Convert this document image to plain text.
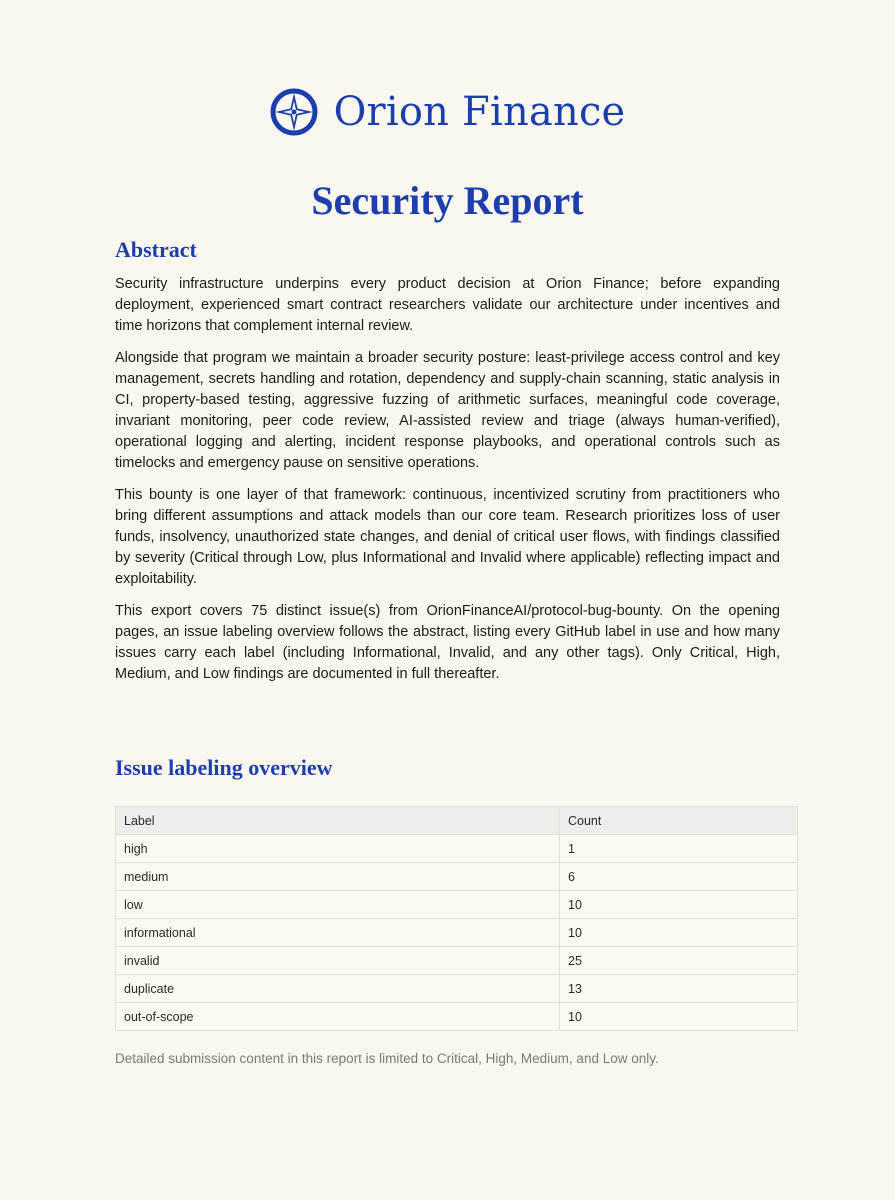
Orion Finance
Security Report
Abstract

Security infrastructure underpins every product decision at Orion Finance; before expanding deployment, experienced smart contract researchers validate our architecture under incentives and time horizons that complement internal review.

Alongside that program we maintain a broader security posture: least-privilege access control and key management, secrets handling and rotation, dependency and supply-chain scanning, static analysis in CI, property-based testing, aggressive fuzzing of arithmetic surfaces, meaningful code coverage, invariant monitoring, peer code review, AI-assisted review and triage (always human-verified), operational logging and alerting, incident response playbooks, and operational controls such as timelocks and emergency pause on sensitive operations.

This bounty is one layer of that framework: continuous, incentivized scrutiny from practitioners who bring different assumptions and attack models than our core team. Research prioritizes loss of user funds, insolvency, unauthorized state changes, and denial of critical user flows, with findings classified by severity (Critical through Low, plus Informational and Invalid where applicable) reflecting impact and exploitability.

This export covers 75 distinct issue(s) from OrionFinanceAI/protocol-bug-bounty. On the opening pages, an issue labeling overview follows the abstract, listing every GitHub label in use and how many issues carry each label (including Informational, Invalid, and any other tags). Only Critical, High, Medium, and Low findings are documented in full thereafter.

Issue labeling overview
Label	Count
high	1
medium	6
low	10
informational	10
invalid	25
duplicate	13
out-of-scope	10
Detailed submission content in this report is limited to Critical, High, Medium, and Low only.
